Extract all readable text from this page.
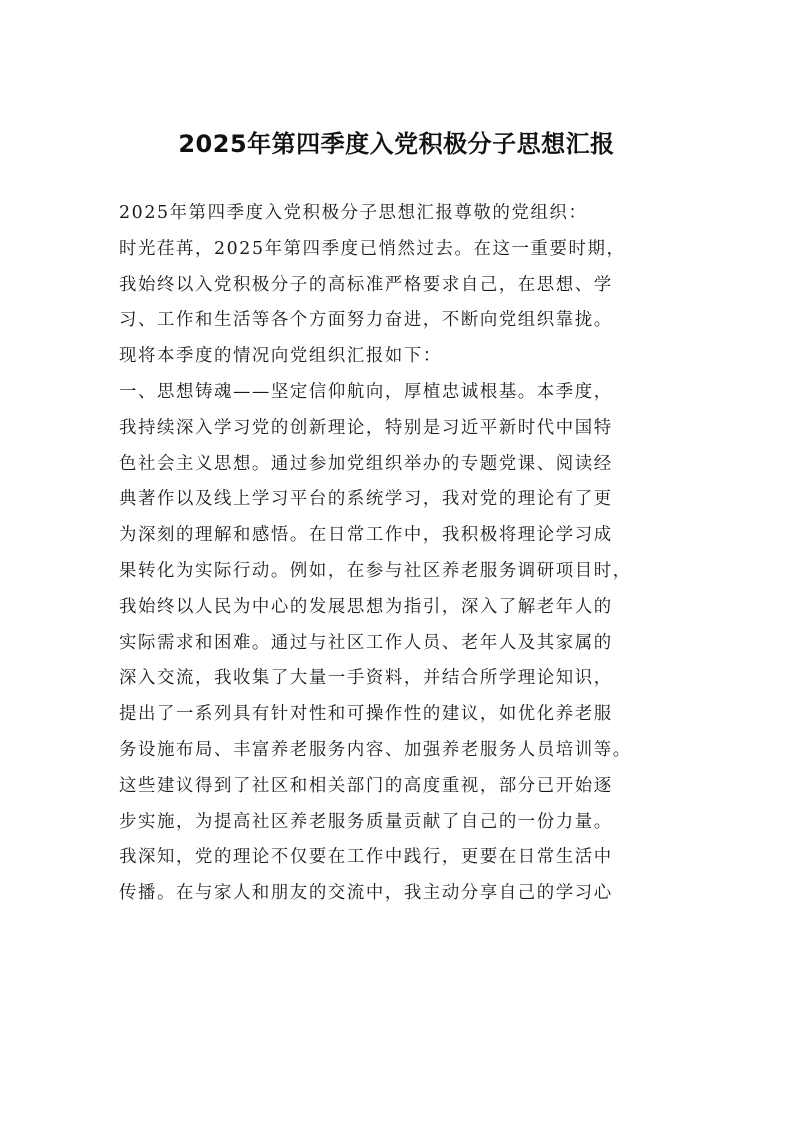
2025年第四季度入党积极分子思想汇报
2025年第四季度入党积极分子思想汇报尊敬的党组织：
时光荏苒，2025年第四季度已悄然过去。在这一重要时期，
我始终以入党积极分子的高标准严格要求自己，在思想、学
习、工作和生活等各个方面努力奋进，不断向党组织靠拢。
现将本季度的情况向党组织汇报如下：
一、思想铸魂——坚定信仰航向，厚植忠诚根基。本季度，
我持续深入学习党的创新理论，特别是习近平新时代中国特
色社会主义思想。通过参加党组织举办的专题党课、阅读经
典著作以及线上学习平台的系统学习，我对党的理论有了更
为深刻的理解和感悟。在日常工作中，我积极将理论学习成
果转化为实际行动。例如，在参与社区养老服务调研项目时，
我始终以人民为中心的发展思想为指引，深入了解老年人的
实际需求和困难。通过与社区工作人员、老年人及其家属的
深入交流，我收集了大量一手资料，并结合所学理论知识，
提出了一系列具有针对性和可操作性的建议，如优化养老服
务设施布局、丰富养老服务内容、加强养老服务人员培训等。
这些建议得到了社区和相关部门的高度重视，部分已开始逐
步实施，为提高社区养老服务质量贡献了自己的一份力量。
我深知，党的理论不仅要在工作中践行，更要在日常生活中
传播。在与家人和朋友的交流中，我主动分享自己的学习心
